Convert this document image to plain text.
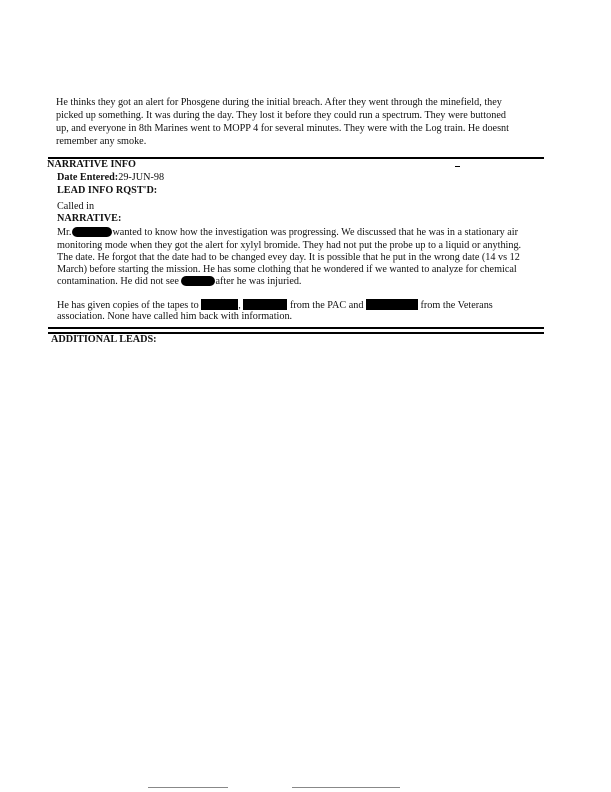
He thinks they got an alert for Phosgene during the initial breach. After they went through the minefield, they
picked up something. It was during the day. They lost it before they could run a spectrum. They were buttoned
up, and everyone in 8th Marines went to MOPP 4 for several minutes. They were with the Log train. He doesnt
remember any smoke.
NARRATIVE INFO
Date Entered:29-JUN-98
LEAD INFO RQST'D:
Called in
NARRATIVE:
Mr.	wanted to know how the investigation was progressing. We discussed that he was in a stationary air
monitoring mode when they got the alert for xylyl bromide. They had not put the probe up to a liquid or anything.
The date. He forgot that the date had to be changed evey day. It is possible that he put in the wrong date (14 vs 12
March) before starting the mission. He has some clothing that he wondered if we wanted to analyze for chemical
contamination. He did not see	after he was injuried.
He has given copies of the tapes to	,	from the PAC and	from the Veterans
association. None have called him back with information.
ADDITIONAL LEADS:
